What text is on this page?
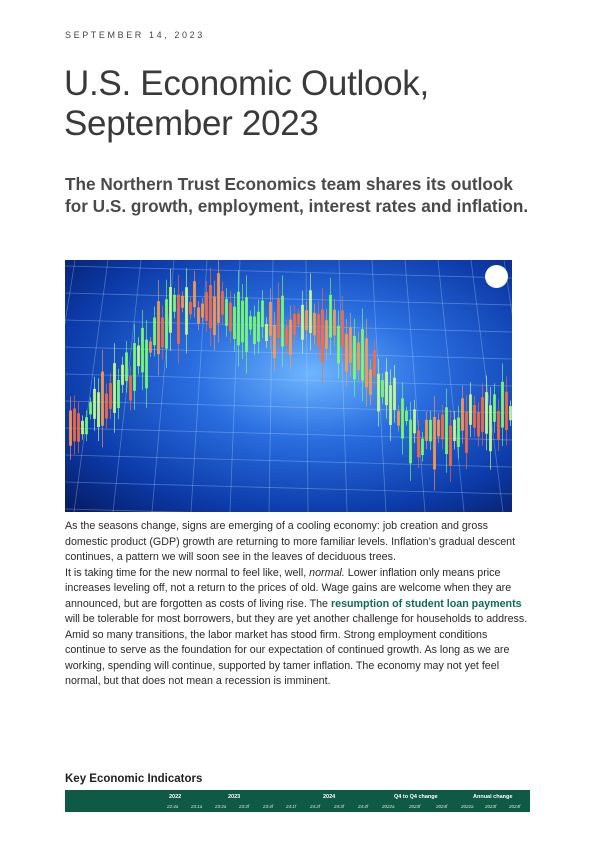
SEPTEMBER 14, 2023
U.S. Economic Outlook, September 2023
The Northern Trust Economics team shares its outlook for U.S. growth, employment, interest rates and inflation.

As the seasons change, signs are emerging of a cooling economy: job creation and gross domestic product (GDP) growth are returning to more familiar levels. Inflation’s gradual descent continues, a pattern we will soon see in the leaves of deciduous trees.

It is taking time for the new normal to feel like, well, normal. Lower inflation only means price increases leveling off, not a return to the prices of old. Wage gains are welcome when they are announced, but are forgotten as costs of living rise. The resumption of student loan payments will be tolerable for most borrowers, but they are yet another challenge for households to address.

Amid so many transitions, the labor market has stood firm. Strong employment conditions continue to serve as the foundation for our expectation of continued growth. As long as we are working, spending will continue, supported by tamer inflation. The economy may not yet feel normal, but that does not mean a recession is imminent.

Key Economic Indicators
2022	2023	2024	Q4 to Q4 change	Annual change
22:4a	23:1a	23:2a	23:3f	23:4f	24:1f	24:2f	24:3f	24:4f	2022a	2023f	2024f	2022a	2023f	2024f
